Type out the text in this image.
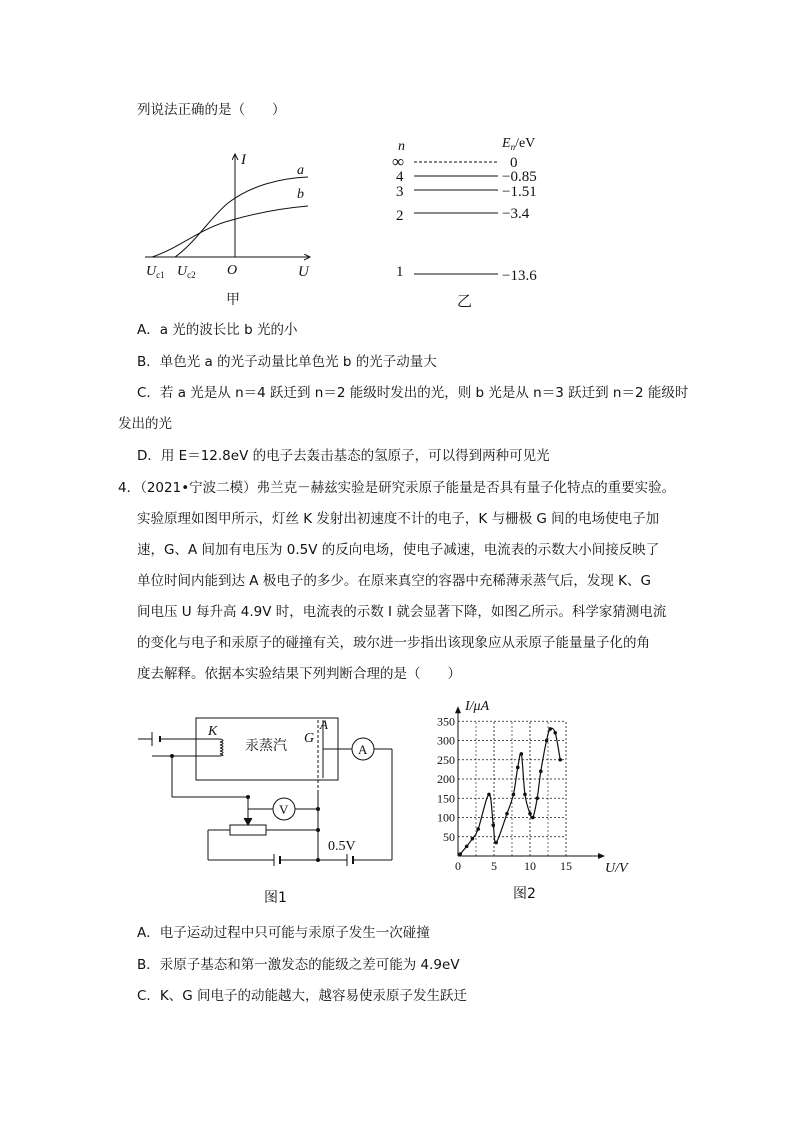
列说法正确的是（　　）
I
a
b
O	U
$U_{c1}$ $U_{c2}$
甲
n	$E_n/eV$
∞	0
4	−0.85
3	−1.51
2	−3.4
1	−13.6
乙
A．a 光的波长比 b 光的小
B．单色光 a 的光子动量比单色光 b 的光子动量大
C．若 a 光是从 n＝4 跃迁到 n＝2 能级时发出的光，则 b 光是从 n＝3 跃迁到 n＝2 能级时
发出的光
D．用 E＝12.8eV 的电子去轰击基态的氢原子，可以得到两种可见光
4．（2021•宁波二模）弗兰克－赫兹实验是研究汞原子能量是否具有量子化特点的重要实验。
实验原理如图甲所示，灯丝 K 发射出初速度不计的电子，K 与栅极 G 间的电场使电子加
速，G、A 间加有电压为 0.5V 的反向电场，使电子减速，电流表的示数大小间接反映了
单位时间内能到达 A 极电子的多少。在原来真空的容器中充稀薄汞蒸气后，发现 K、G
间电压 U 每升高 4.9V 时，电流表的示数 I 就会显著下降，如图乙所示。科学家猜测电流
的变化与电子和汞原子的碰撞有关，玻尔进一步指出该现象应从汞原子能量量子化的角
度去解释。依据本实验结果下列判断合理的是（　　）
K
汞蒸汽 G
A
A
V
0.5V
图1
50
100
150
200
250
300
350
0	5 10 15
I/μA
U/V
图2
A．电子运动过程中只可能与汞原子发生一次碰撞
B．汞原子基态和第一激发态的能级之差可能为 4.9eV
C．K、G 间电子的动能越大，越容易使汞原子发生跃迁
